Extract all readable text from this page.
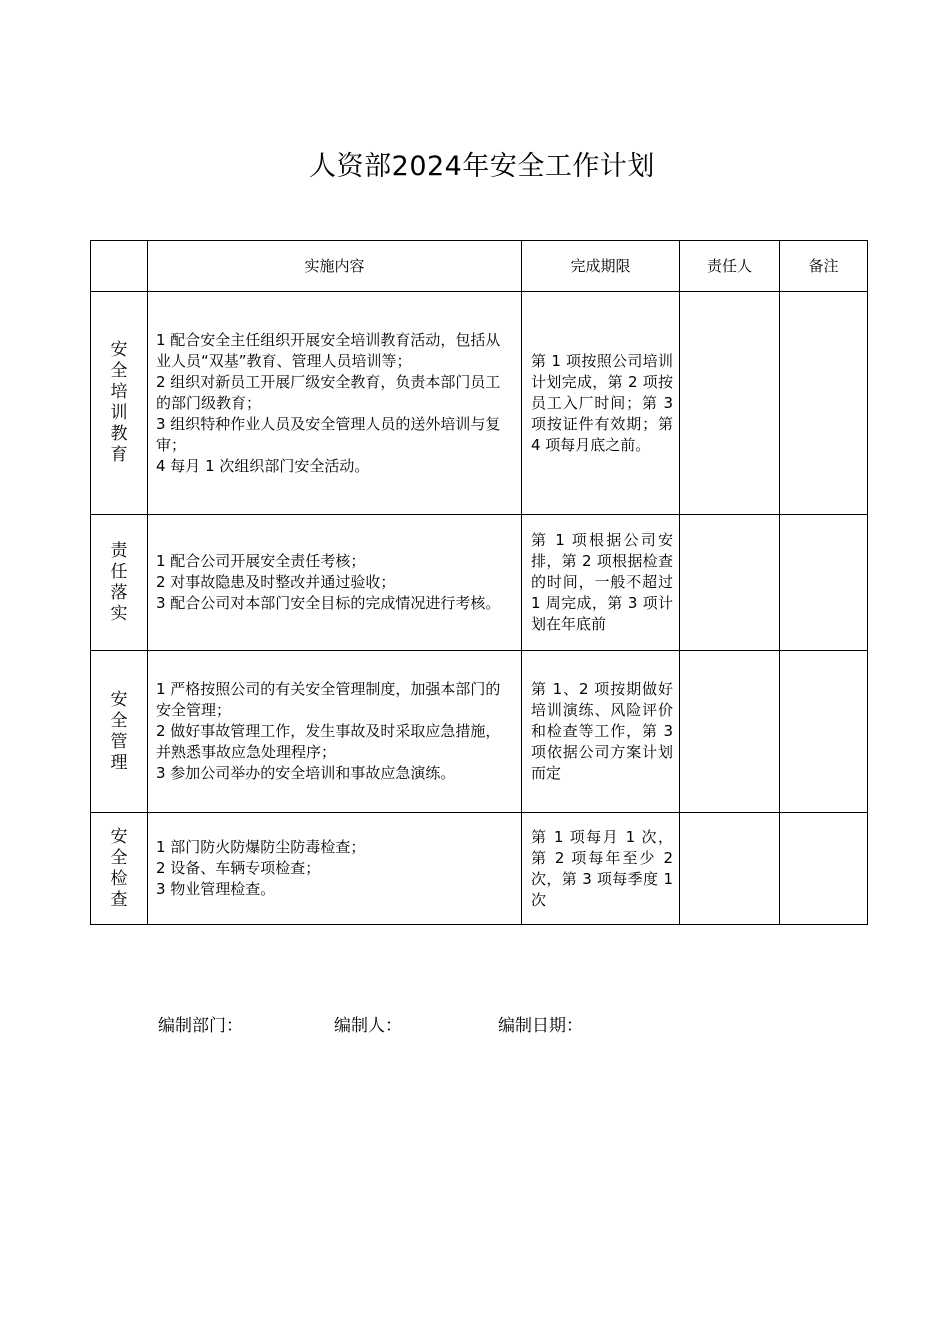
人资部2024年安全工作计划
	实施内容	完成期限	责任人	备注
安全培训教育	1 配合安全主任组织开展安全培训教育活动，包括从业人员“双基”教育、管理人员培训等；
2 组织对新员工开展厂级安全教育，负责本部门员工的部门级教育；
3 组织特种作业人员及安全管理人员的送外培训与复审；
4 每月 1 次组织部门安全活动。	第 1 项按照公司培训计划完成，第 2 项按员工入厂时间；第 3 项按证件有效期；第 4 项每月底之前。		
责任落实	1 配合公司开展安全责任考核；
2 对事故隐患及时整改并通过验收；
3 配合公司对本部门安全目标的完成情况进行考核。	第 1 项根据公司安排，第 2 项根据检查的时间，一般不超过 1 周完成，第 3 项计划在年底前		
安全管理	1 严格按照公司的有关安全管理制度，加强本部门的安全管理；
2 做好事故管理工作，发生事故及时采取应急措施，并熟悉事故应急处理程序；
3 参加公司举办的安全培训和事故应急演练。	第 1、2 项按期做好培训演练、风险评价和检查等工作，第 3 项依据公司方案计划而定		
安全检查	1 部门防火防爆防尘防毒检查；
2 设备、车辆专项检查；
3 物业管理检查。	第 1 项每月 1 次，第 2 项每年至少 2 次，第 3 项每季度 1 次		
编制部门：	编制人：	编制日期：
